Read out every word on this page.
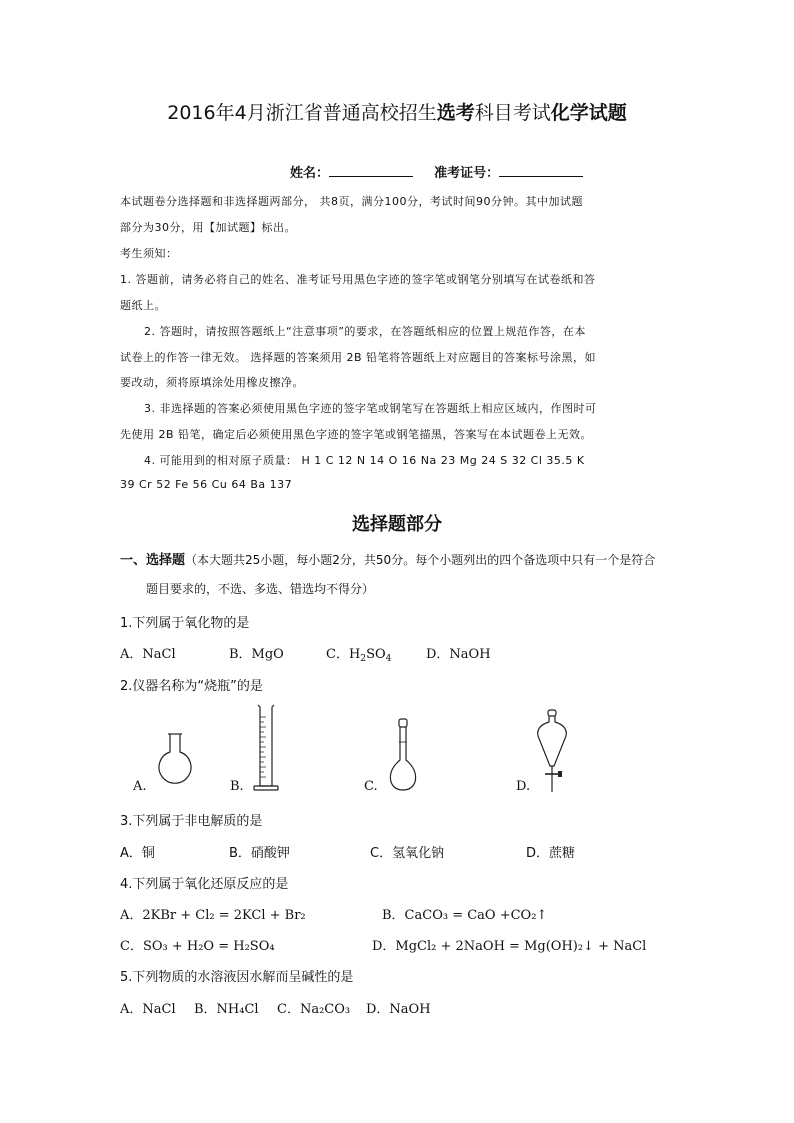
2016年4月浙江省普通高校招生选考科目考试化学试题
姓名：	准考证号：
本试题卷分选择题和非选择题两部分， 共8页，满分100分，考试时间90分钟。其中加试题
部分为30分，用【加试题】标出。
考生须知：
1. 答题前，请务必将自己的姓名、准考证号用黑色字迹的签字笔或钢笔分别填写在试卷纸和答
题纸上。
2. 答题时，请按照答题纸上“注意事项”的要求，在答题纸相应的位置上规范作答，在本
试卷上的作答一律无效。 选择题的答案须用 2B 铅笔将答题纸上对应题目的答案标号涂黑，如
要改动，须将原填涂处用橡皮擦净。
3. 非选择题的答案必须使用黑色字迹的签字笔或钢笔写在答题纸上相应区域内，作图时可
先使用 2B 铅笔，确定后必须使用黑色字迹的签字笔或钢笔描黑，答案写在本试题卷上无效。
4. 可能用到的相对原子质量： H 1 C 12 N 14 O 16 Na 23 Mg 24 S 32 Cl 35.5 K
39 Cr 52 Fe 56 Cu 64 Ba 137
选择题部分
一、选择题（本大题共25小题，每小题2分，共50分。每个小题列出的四个备选项中只有一个是符合
题目要求的，不选、多选、错选均不得分）
1.下列属于氧化物的是
A．NaCl	B．MgO	C．$H_2SO_4$	D．NaOH
2.仪器名称为“烧瓶”的是
A.	B.	C.	D.
3.下列属于非电解质的是
A．铜	B．硝酸钾	C．氢氧化钠	D．蔗糖
4.下列属于氧化还原反应的是
A．2KBr + Cl₂ = 2KCl + Br₂	B．CaCO₃ = CaO +CO₂↑
C．SO₃ + H₂O = H₂SO₄	D．MgCl₂ + 2NaOH = Mg(OH)₂↓ + NaCl
5.下列物质的水溶液因水解而呈碱性的是
A．NaCl B．NH₄Cl C．Na₂CO₃ D．NaOH
